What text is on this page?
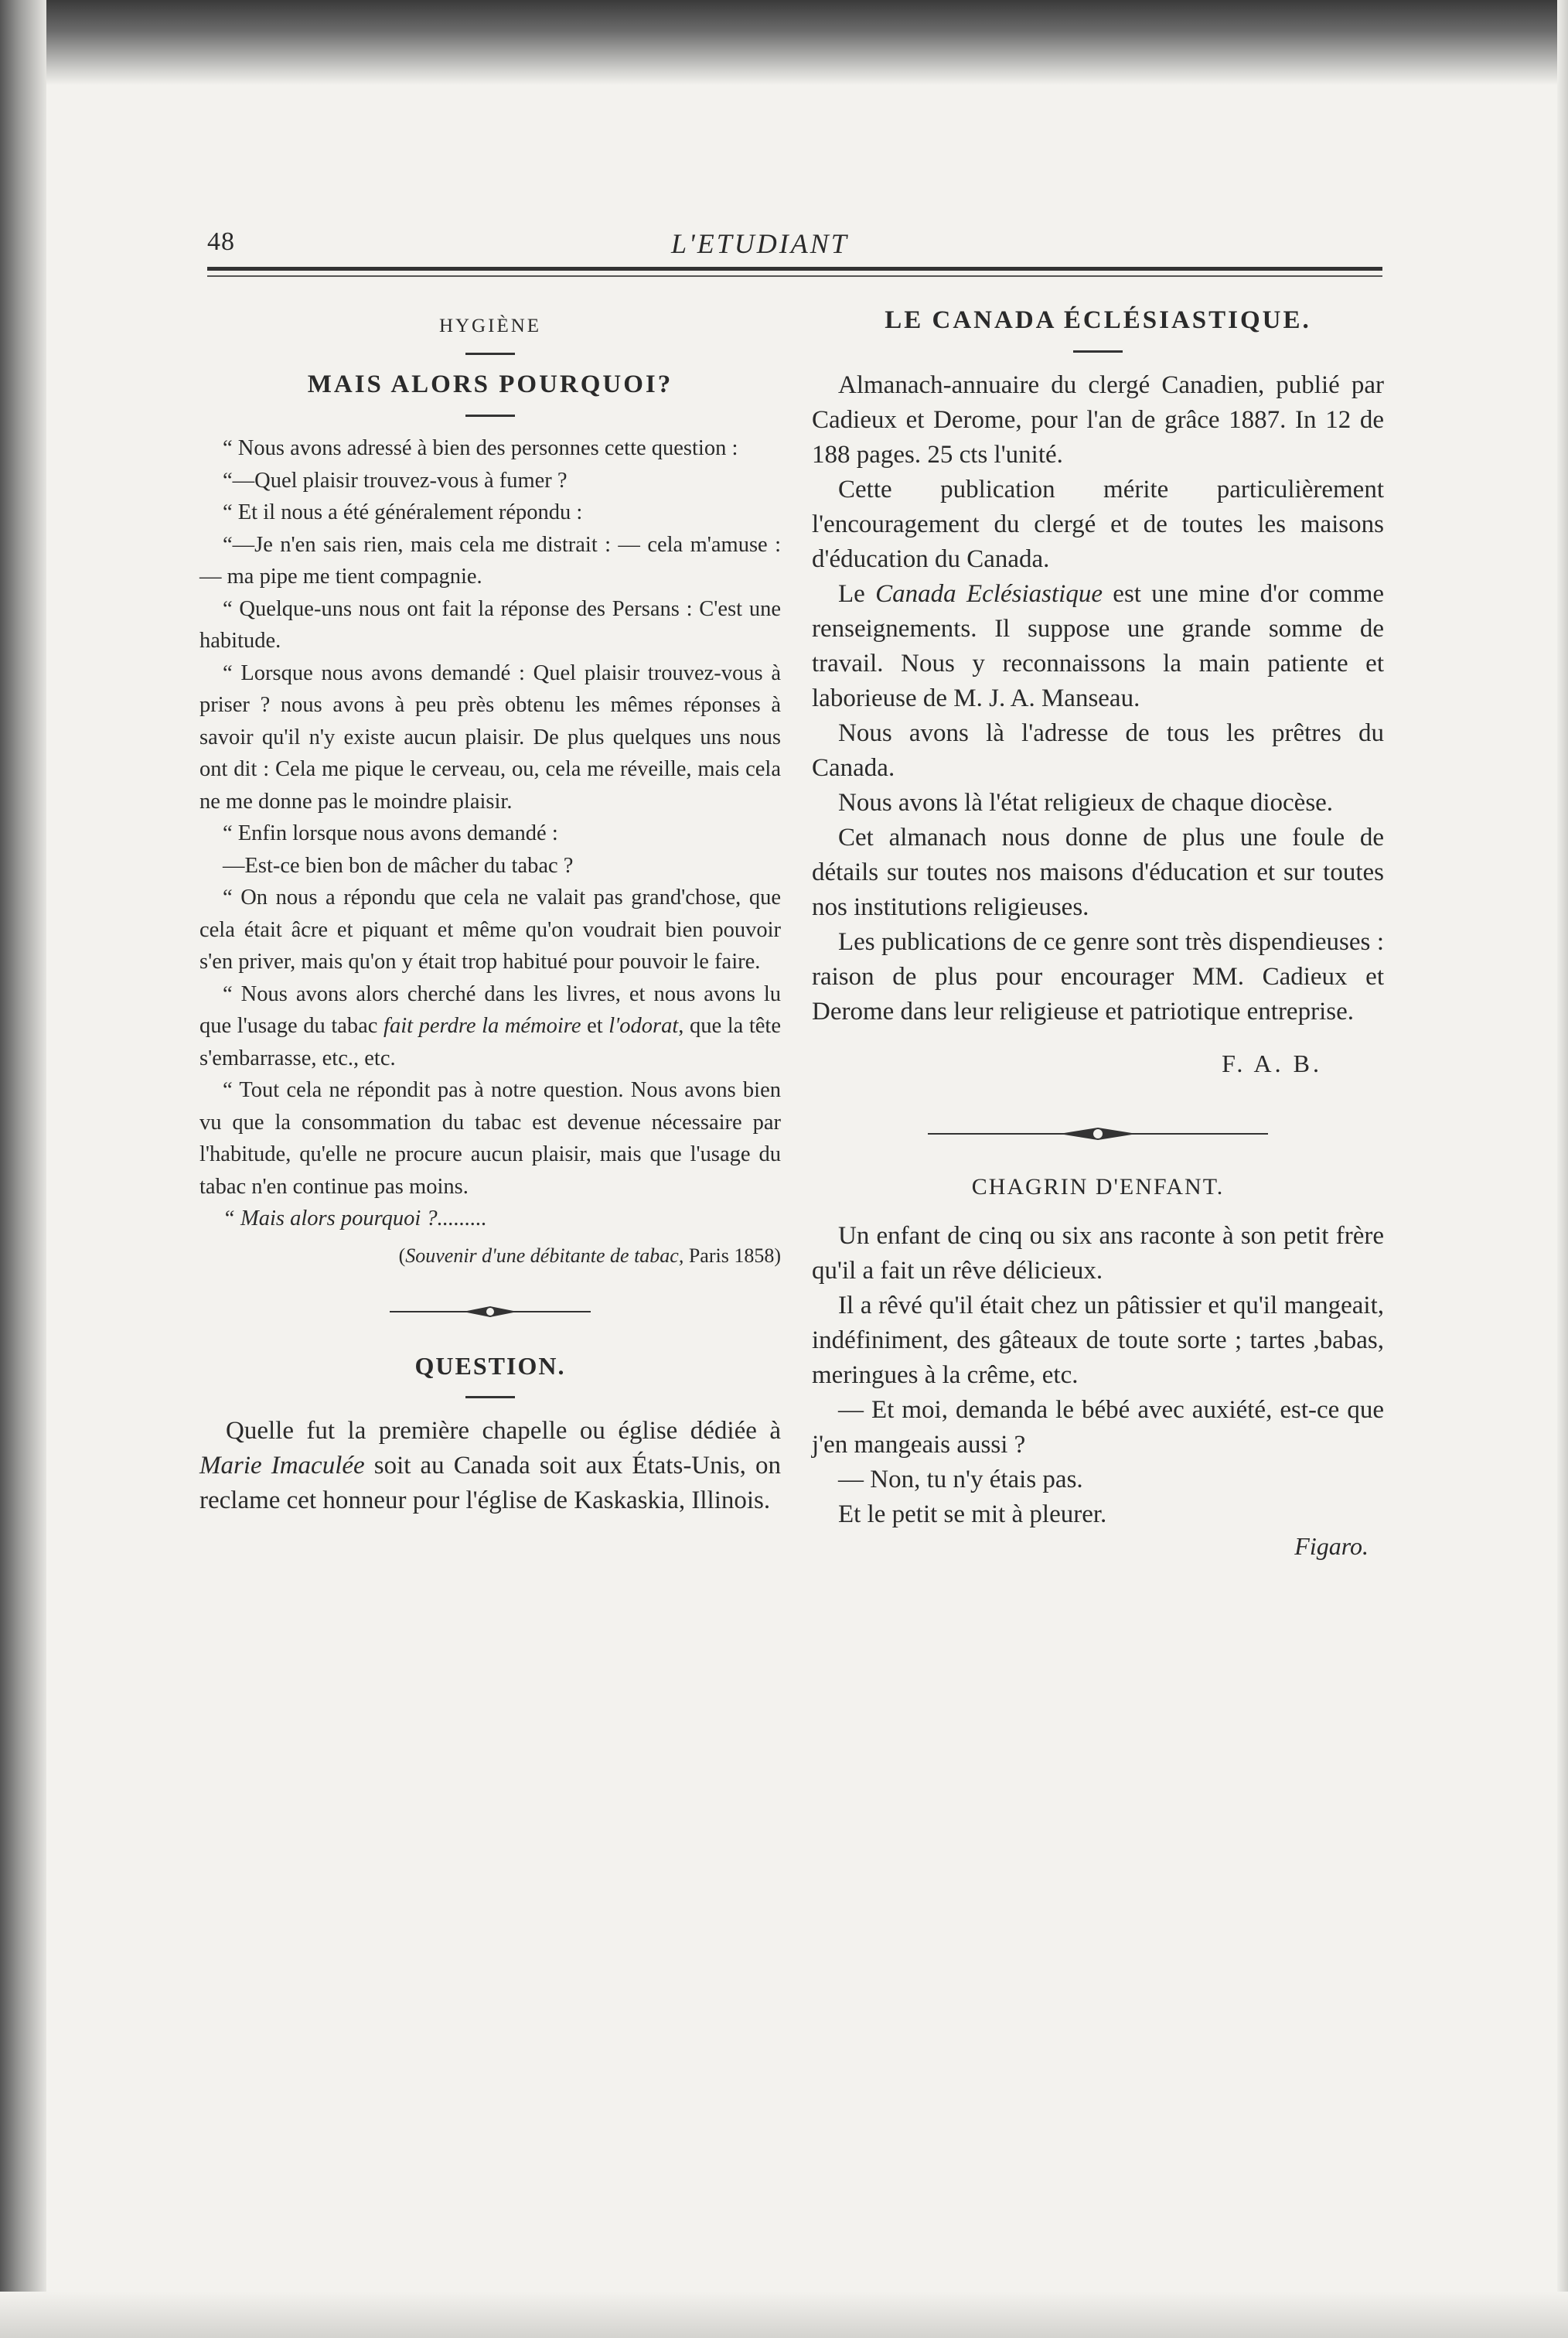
48	L'ETUDIANT
HYGIÈNE
MAIS ALORS POURQUOI?

“ Nous avons adressé à bien des personnes cette question :

“—Quel plaisir trouvez-vous à fumer ?

“ Et il nous a été généralement répondu :

“—Je n'en sais rien, mais cela me distrait : — cela m'amuse :— ma pipe me tient compagnie.

“ Quelque-uns nous ont fait la réponse des Persans : C'est une habitude.

“ Lorsque nous avons demandé : Quel plaisir trouvez-vous à priser ? nous avons à peu près obtenu les mêmes réponses à savoir qu'il n'y existe aucun plaisir. De plus quelques uns nous ont dit : Cela me pique le cerveau, ou, cela me réveille, mais cela ne me donne pas le moindre plaisir.

“ Enfin lorsque nous avons demandé :

—Est-ce bien bon de mâcher du tabac ?

“ On nous a répondu que cela ne valait pas grand'chose, que cela était âcre et piquant et même qu'on voudrait bien pouvoir s'en priver, mais qu'on y était trop habitué pour pouvoir le faire.

“ Nous avons alors cherché dans les livres, et nous avons lu que l'usage du tabac fait perdre la mémoire et l'odorat, que la tête s'embarrasse, etc., etc.

“ Tout cela ne répondit pas à notre question. Nous avons bien vu que la consommation du tabac est devenue nécessaire par l'habitude, qu'elle ne procure aucun plaisir, mais que l'usage du tabac n'en continue pas moins.

“ Mais alors pourquoi ?.........

(Souvenir d'une débitante de tabac, Paris 1858)
QUESTION.

Quelle fut la première chapelle ou église dédiée à Marie Imaculée soit au Canada soit aux États-Unis, on reclame cet honneur pour l'église de Kaskaskia, Illinois.

LE CANADA ÉCLÉSIASTIQUE.

Almanach-annuaire du clergé Canadien, publié par Cadieux et Derome, pour l'an de grâce 1887. In 12 de 188 pages. 25 cts l'unité.

Cette publication mérite particulièrement l'encouragement du clergé et de toutes les maisons d'éducation du Canada.

Le Canada Eclésiastique est une mine d'or comme renseignements. Il suppose une grande somme de travail. Nous y reconnaissons la main patiente et laborieuse de M. J. A. Manseau.

Nous avons là l'adresse de tous les prêtres du Canada.

Nous avons là l'état religieux de chaque diocèse.

Cet almanach nous donne de plus une foule de détails sur toutes nos maisons d'éducation et sur toutes nos institutions religieuses.

Les publications de ce genre sont très dispendieuses : raison de plus pour encourager MM. Cadieux et Derome dans leur religieuse et patriotique entreprise.

F. A. B.
CHAGRIN D'ENFANT.

Un enfant de cinq ou six ans raconte à son petit frère qu'il a fait un rêve délicieux.

Il a rêvé qu'il était chez un pâtissier et qu'il mangeait, indéfiniment, des gâteaux de toute sorte ; tartes ,babas, meringues à la crême, etc.

— Et moi, demanda le bébé avec auxiété, est-ce que j'en mangeais aussi ?

— Non, tu n'y étais pas.

Et le petit se mit à pleurer.

Figaro.
